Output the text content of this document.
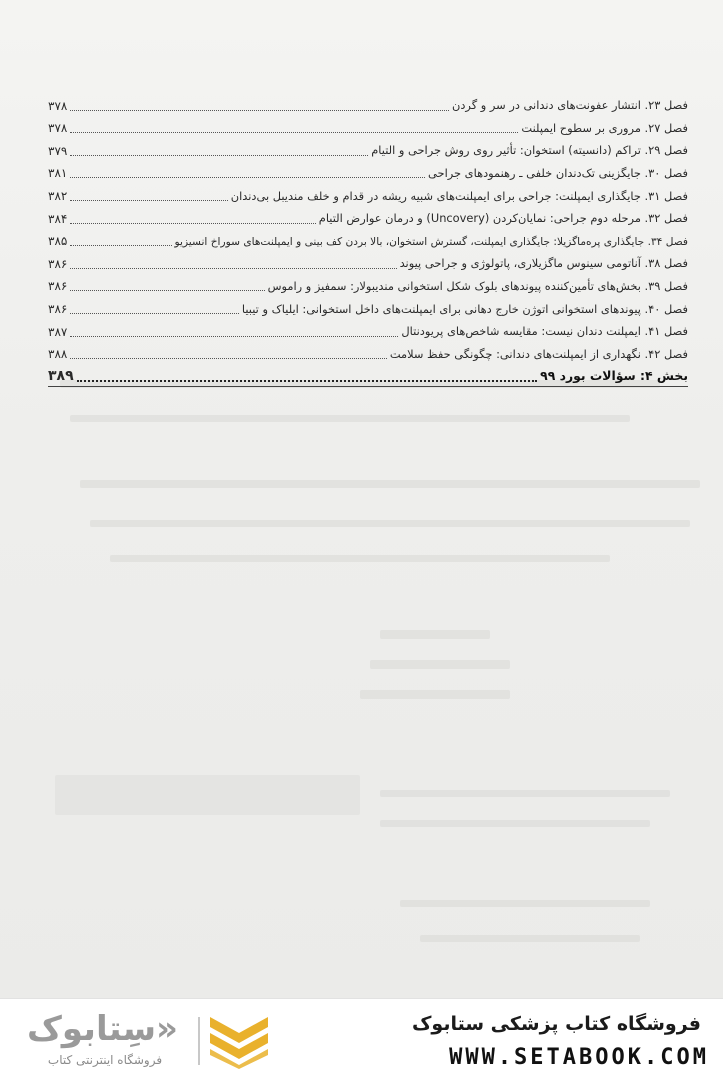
فصل ۲۳. انتشار عفونت‌های دندانی در سر و گردن
۳۷۸
فصل ۲۷. مروری بر سطوح ایمپلنت
۳۷۸
فصل ۲۹. تراکم (دانسیته) استخوان: تأثیر روی روش جراحی و التیام
۳۷۹
فصل ۳۰. جایگزینی تک‌دندان خلفی ـ رهنمودهای جراحی
۳۸۱
فصل ۳۱. جایگذاری ایمپلنت: جراحی برای ایمپلنت‌های شبیه ریشه در قدام و خلف مندیبل بی‌دندان
۳۸۲
فصل ۳۲. مرحله دوم جراحی: نمایان‌کردن (Uncovery) و درمان عوارض التیام
۳۸۴
فصل ۳۴. جایگذاری پره‌ماگزیلا: جایگذاری ایمپلنت، گسترش استخوان، بالا بردن کف بینی و ایمپلنت‌های سوراخ انسیزیو
۳۸۵
فصل ۳۸. آناتومی سینوس ماگزیلاری، پاتولوژی و جراحی پیوند
۳۸۶
فصل ۳۹. بخش‌های تأمین‌کننده پیوندهای بلوک شکل استخوانی مندیبولار: سمفیز و راموس
۳۸۶
فصل ۴۰. پیوندهای استخوانی اتوژن خارج دهانی برای ایمپلنت‌های داخل استخوانی: ایلیاک و تیبیا
۳۸۶
فصل ۴۱. ایمپلنت دندان نیست: مقایسه شاخص‌های پریودنتال
۳۸۷
فصل ۴۲. نگهداری از ایمپلنت‌های دندانی: چگونگی حفظ سلامت
۳۸۸
بخش ۴: سؤالات بورد ۹۹
۳۸۹
«سِتابوک
فروشگاه اینترنتی کتاب
فروشگاه کتاب پزشکی ستابوک
WWW.SETABOOK.COM
